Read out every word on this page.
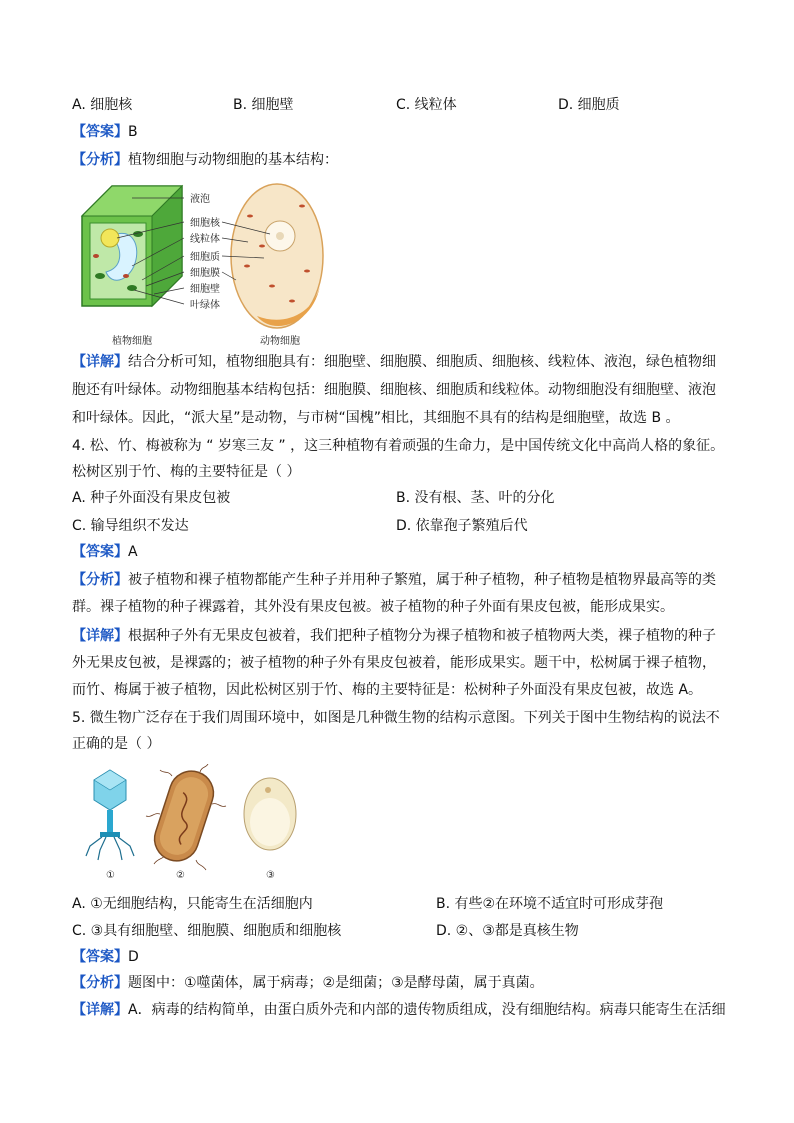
A. 细胞核	B. 细胞壁	C. 线粒体	D. 细胞质
【答案】B
【分析】植物细胞与动物细胞的基本结构：
液泡
细胞核
线粒体
细胞质
细胞膜
细胞壁
叶绿体
植物细胞	动物细胞
【详解】结合分析可知，植物细胞具有：细胞壁、细胞膜、细胞质、细胞核、线粒体、液泡，绿色植物细
胞还有叶绿体。动物细胞基本结构包括：细胞膜、细胞核、细胞质和线粒体。动物细胞没有细胞壁、液泡
和叶绿体。因此，“派大星”是动物，与市树“国槐”相比，其细胞不具有的结构是细胞壁，故选 B 。
4. 松、竹、梅被称为 “ 岁寒三友 ” ，这三种植物有着顽强的生命力，是中国传统文化中高尚人格的象征。
松树区别于竹、梅的主要特征是（ ）
A. 种子外面没有果皮包被	B. 没有根、茎、叶的分化
C. 输导组织不发达	D. 依靠孢子繁殖后代
【答案】A
【分析】被子植物和裸子植物都能产生种子并用种子繁殖，属于种子植物，种子植物是植物界最高等的类
群。裸子植物的种子裸露着，其外没有果皮包被。被子植物的种子外面有果皮包被，能形成果实。
【详解】根据种子外有无果皮包被着，我们把种子植物分为裸子植物和被子植物两大类，裸子植物的种子
外无果皮包被，是裸露的；被子植物的种子外有果皮包被着，能形成果实。题干中，松树属于裸子植物，
而竹、梅属于被子植物，因此松树区别于竹、梅的主要特征是：松树种子外面没有果皮包被，故选 A。
5. 微生物广泛存在于我们周围环境中，如图是几种微生物的结构示意图。下列关于图中生物结构的说法不
正确的是（ ）
①	②	③
A. ①无细胞结构，只能寄生在活细胞内	B. 有些②在环境不适宜时可形成芽孢
C. ③具有细胞壁、细胞膜、细胞质和细胞核	D. ②、③都是真核生物
【答案】D
【分析】题图中：①噬菌体，属于病毒；②是细菌；③是酵母菌，属于真菌。
【详解】A．病毒的结构简单，由蛋白质外壳和内部的遗传物质组成，没有细胞结构。病毒只能寄生在活细
